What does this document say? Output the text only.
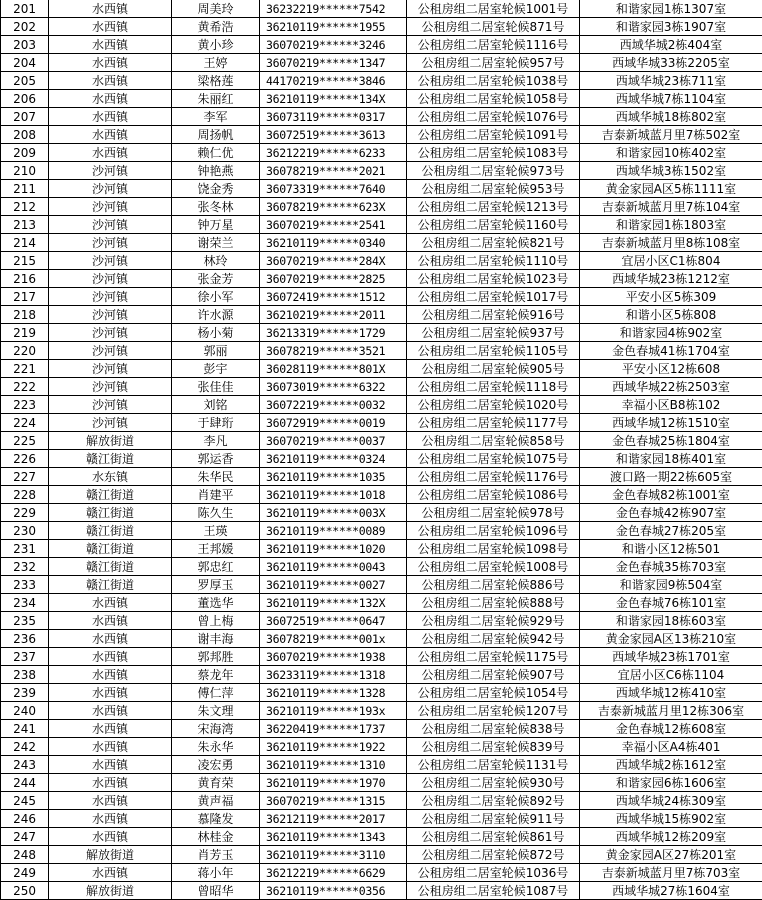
201	水西镇	周美玲	36232219******7542	公租房组二居室轮候1001号	和谐家园1栋1307室
202	水西镇	黄希浩	36210119******1955	公租房组二居室轮候871号	和谐家园3栋1907室
203	水西镇	黄小珍	36070219******3246	公租房组二居室轮候1116号	西域华城2栋404室
204	水西镇	王婷	36070219******1347	公租房组二居室轮候957号	西域华城33栋2205室
205	水西镇	梁格莲	44170219******3846	公租房组二居室轮候1038号	西域华城23栋711室
206	水西镇	朱丽红	36210119******134X	公租房组二居室轮候1058号	西域华城7栋1104室
207	水西镇	李军	36073119******0317	公租房组二居室轮候1076号	西域华城18栋802室
208	水西镇	周扬帆	36072519******3613	公租房组二居室轮候1091号	吉泰新城蓝月里7栋502室
209	水西镇	赖仁优	36212219******6233	公租房组二居室轮候1083号	和谐家园10栋402室
210	沙河镇	钟艳燕	36078219******2021	公租房组二居室轮候973号	西域华城3栋1502室
211	沙河镇	饶金秀	36073319******7640	公租房组二居室轮候953号	黄金家园A区5栋1111室
212	沙河镇	张冬林	36078219******623X	公租房组二居室轮候1213号	吉泰新城蓝月里7栋104室
213	沙河镇	钟万星	36070219******2541	公租房组二居室轮候1160号	和谐家园1栋1803室
214	沙河镇	谢荣兰	36210119******0340	公租房组二居室轮候821号	吉泰新城蓝月里8栋108室
215	沙河镇	林玲	36070219******284X	公租房组二居室轮候1110号	宜居小区C1栋804
216	沙河镇	张金芳	36070219******2825	公租房组二居室轮候1023号	西域华城23栋1212室
217	沙河镇	徐小军	36072419******1512	公租房组二居室轮候1017号	平安小区5栋309
218	沙河镇	许水源	36210219******2011	公租房组二居室轮候916号	和谐小区5栋808
219	沙河镇	杨小菊	36213319******1729	公租房组二居室轮候937号	和谐家园4栋902室
220	沙河镇	郭丽	36078219******3521	公租房组二居室轮候1105号	金色春城41栋1704室
221	沙河镇	彭宇	36028119******801X	公租房组二居室轮候905号	平安小区12栋608
222	沙河镇	张佳佳	36073019******6322	公租房组二居室轮候1118号	西域华城22栋2503室
223	沙河镇	刘铭	36072219******0032	公租房组二居室轮候1020号	幸福小区B8栋102
224	沙河镇	于肆珩	36072919******0019	公租房组二居室轮候1177号	西域华城12栋1510室
225	解放街道	李凡	36070219******0037	公租房组二居室轮候858号	金色春城25栋1804室
226	赣江街道	郭运香	36210119******0324	公租房组二居室轮候1075号	和谐家园18栋401室
227	水东镇	朱华民	36210119******1035	公租房组二居室轮候1176号	渡口路一期22栋605室
228	赣江街道	肖建平	36210119******1018	公租房组二居室轮候1086号	金色春城82栋1001室
229	赣江街道	陈久生	36210119******003X	公租房组二居室轮候978号	金色春城42栋907室
230	赣江街道	王瑛	36210119******0089	公租房组二居室轮候1096号	金色春城27栋205室
231	赣江街道	王邦媛	36210119******1020	公租房组二居室轮候1098号	和谐小区12栋501
232	赣江街道	郭忠红	36210119******0043	公租房组二居室轮候1008号	金色春城35栋703室
233	赣江街道	罗厚玉	36210119******0027	公租房组二居室轮候886号	和谐家园9栋504室
234	水西镇	董选华	36210119******132X	公租房组二居室轮候888号	金色春城76栋101室
235	水西镇	曾上梅	36072519******0647	公租房组二居室轮候929号	和谐家园18栋603室
236	水西镇	谢丰海	36078219******001x	公租房组二居室轮候942号	黄金家园A区13栋210室
237	水西镇	郭邦胜	36070219******1938	公租房组二居室轮候1175号	西域华城23栋1701室
238	水西镇	蔡龙年	36233119******1318	公租房组二居室轮候907号	宜居小区C6栋1104
239	水西镇	傅仁萍	36210119******1328	公租房组二居室轮候1054号	西域华城12栋410室
240	水西镇	朱文理	36210119******193x	公租房组二居室轮候1207号	吉泰新城蓝月里12栋306室
241	水西镇	宋海湾	36220419******1737	公租房组二居室轮候838号	金色春城12栋608室
242	水西镇	朱永华	36210119******1922	公租房组二居室轮候839号	幸福小区A4栋401
243	水西镇	凌宏勇	36210119******1310	公租房组二居室轮候1131号	西域华城2栋1612室
244	水西镇	黄育荣	36210119******1970	公租房组二居室轮候930号	和谐家园6栋1606室
245	水西镇	黄声福	36070219******1315	公租房组二居室轮候892号	西域华城24栋309室
246	水西镇	慕隆发	36212119******2017	公租房组二居室轮候911号	西域华城15栋902室
247	水西镇	林桂金	36210119******1343	公租房组二居室轮候861号	西域华城12栋209室
248	解放街道	肖芳玉	36210119******3110	公租房组二居室轮候872号	黄金家园A区27栋201室
249	水西镇	蒋小年	36212219******6629	公租房组二居室轮候1036号	吉泰新城蓝月里7栋703室
250	解放街道	曾昭华	36210119******0356	公租房组二居室轮候1087号	西域华城27栋1604室
